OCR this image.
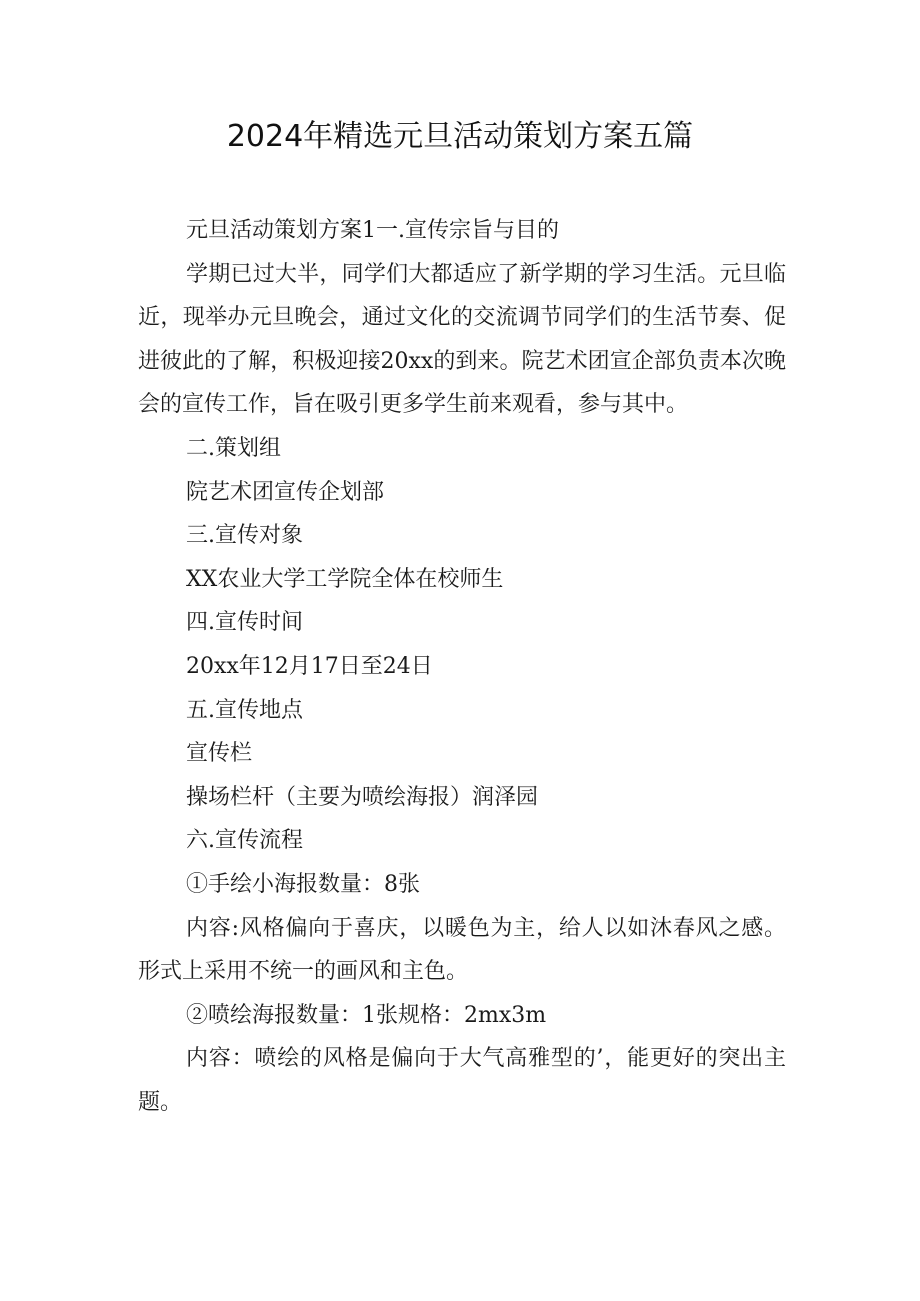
2024年精选元旦活动策划方案五篇

元旦活动策划方案1一.宣传宗旨与目的

学期已过大半，同学们大都适应了新学期的学习生活。元旦临近，现举办元旦晚会，通过文化的交流调节同学们的生活节奏、促进彼此的了解，积极迎接20xx的到来。院艺术团宣企部负责本次晚会的宣传工作，旨在吸引更多学生前来观看，参与其中。

二.策划组

院艺术团宣传企划部

三.宣传对象

XX农业大学工学院全体在校师生

四.宣传时间

20xx年12月17日至24日

五.宣传地点

宣传栏

操场栏杆（主要为喷绘海报）润泽园

六.宣传流程

①手绘小海报数量：8张

内容:风格偏向于喜庆，以暖色为主，给人以如沐春风之感。形式上采用不统一的画风和主色。

②喷绘海报数量：1张规格：2mx3m

内容：喷绘的风格是偏向于大气高雅型的’，能更好的突出主题。
